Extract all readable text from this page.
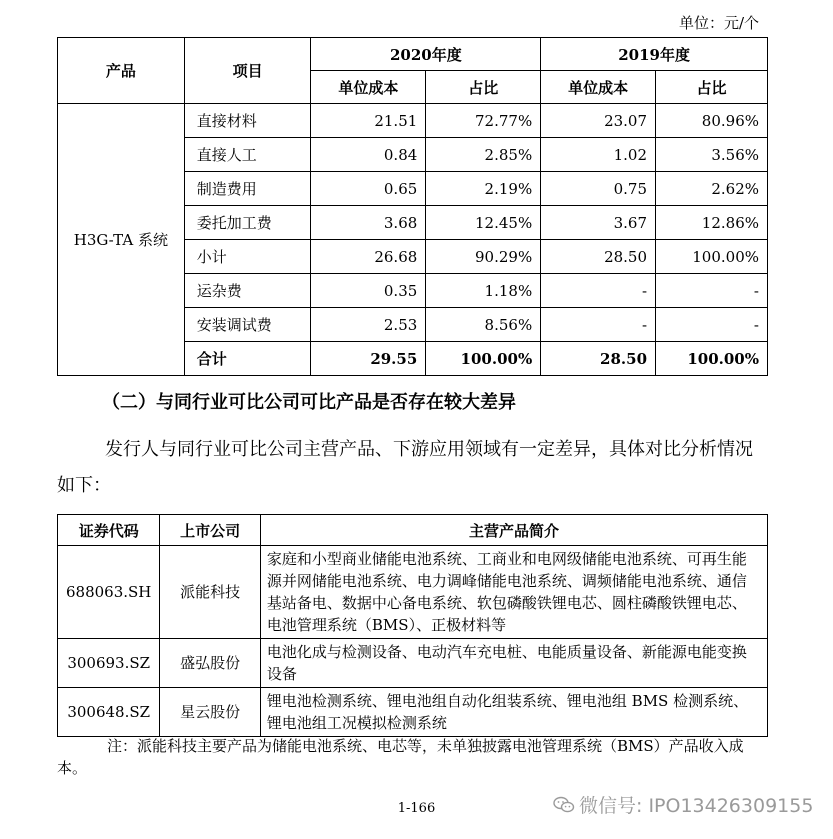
单位：元/个
产品	项目	2020年度		2019年度	
		单位成本	占比	单位成本	占比
H3G-TA 系统	直接材料	21.51	72.77%	23.07	80.96%
	直接人工	0.84	2.85%	1.02	3.56%
	制造费用	0.65	2.19%	0.75	2.62%
	委托加工费	3.68	12.45%	3.67	12.86%
	小计	26.68	90.29%	28.50	100.00%
	运杂费	0.35	1.18%	-	-
	安装调试费	2.53	8.56%	-	-
	合计	29.55	100.00%	28.50	100.00%
（二）与同行业可比公司可比产品是否存在较大差异
发行人与同行业可比公司主营产品、下游应用领域有一定差异，具体对比分析情况如下：
证券代码	上市公司	主营产品简介
688063.SH	派能科技	家庭和小型商业储能电池系统、工商业和电网级储能电池系统、可再生能源并网储能电池系统、电力调峰储能电池系统、调频储能电池系统、通信基站备电、数据中心备电系统、软包磷酸铁锂电芯、圆柱磷酸铁锂电芯、电池管理系统（BMS）、正极材料等
300693.SZ	盛弘股份	电池化成与检测设备、电动汽车充电桩、电能质量设备、新能源电能变换设备
300648.SZ	星云股份	锂电池检测系统、锂电池组自动化组装系统、锂电池组 BMS 检测系统、锂电池组工况模拟检测系统
注：派能科技主要产品为储能电池系统、电芯等，未单独披露电池管理系统（BMS）产品收入成本。
1-166	微信号: IPO13426309155
